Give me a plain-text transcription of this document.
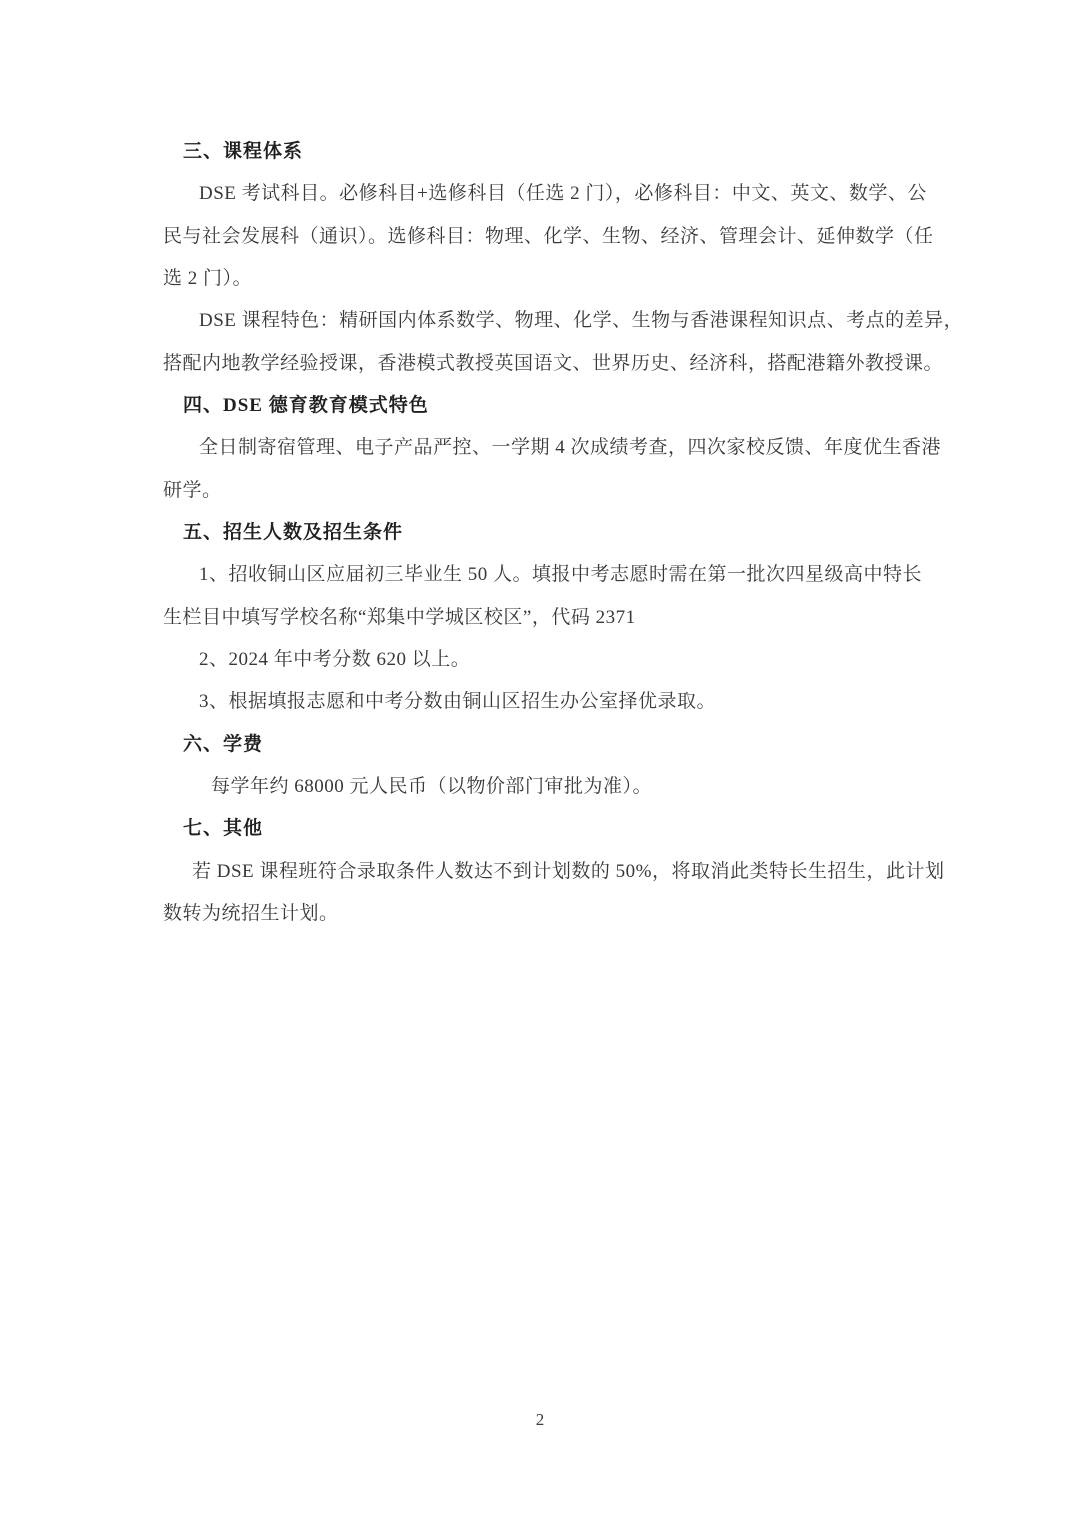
三、课程体系
DSE 考试科目。必修科目+选修科目（任选 2 门），必修科目：中文、英文、数学、公
民与社会发展科（通识）。选修科目：物理、化学、生物、经济、管理会计、延伸数学（任
选 2 门）。
DSE 课程特色：精研国内体系数学、物理、化学、生物与香港课程知识点、考点的差异，
搭配内地教学经验授课，香港模式教授英国语文、世界历史、经济科，搭配港籍外教授课。
四、DSE 德育教育模式特色
全日制寄宿管理、电子产品严控、一学期 4 次成绩考查，四次家校反馈、年度优生香港
研学。
五、招生人数及招生条件
1、招收铜山区应届初三毕业生 50 人。填报中考志愿时需在第一批次四星级高中特长
生栏目中填写学校名称“郑集中学城区校区”，代码 2371
2、2024 年中考分数 620 以上。
3、根据填报志愿和中考分数由铜山区招生办公室择优录取。
六、学费
每学年约 68000 元人民币（以物价部门审批为准）。
七、其他
若 DSE 课程班符合录取条件人数达不到计划数的 50%，将取消此类特长生招生，此计划
数转为统招生计划。
2
